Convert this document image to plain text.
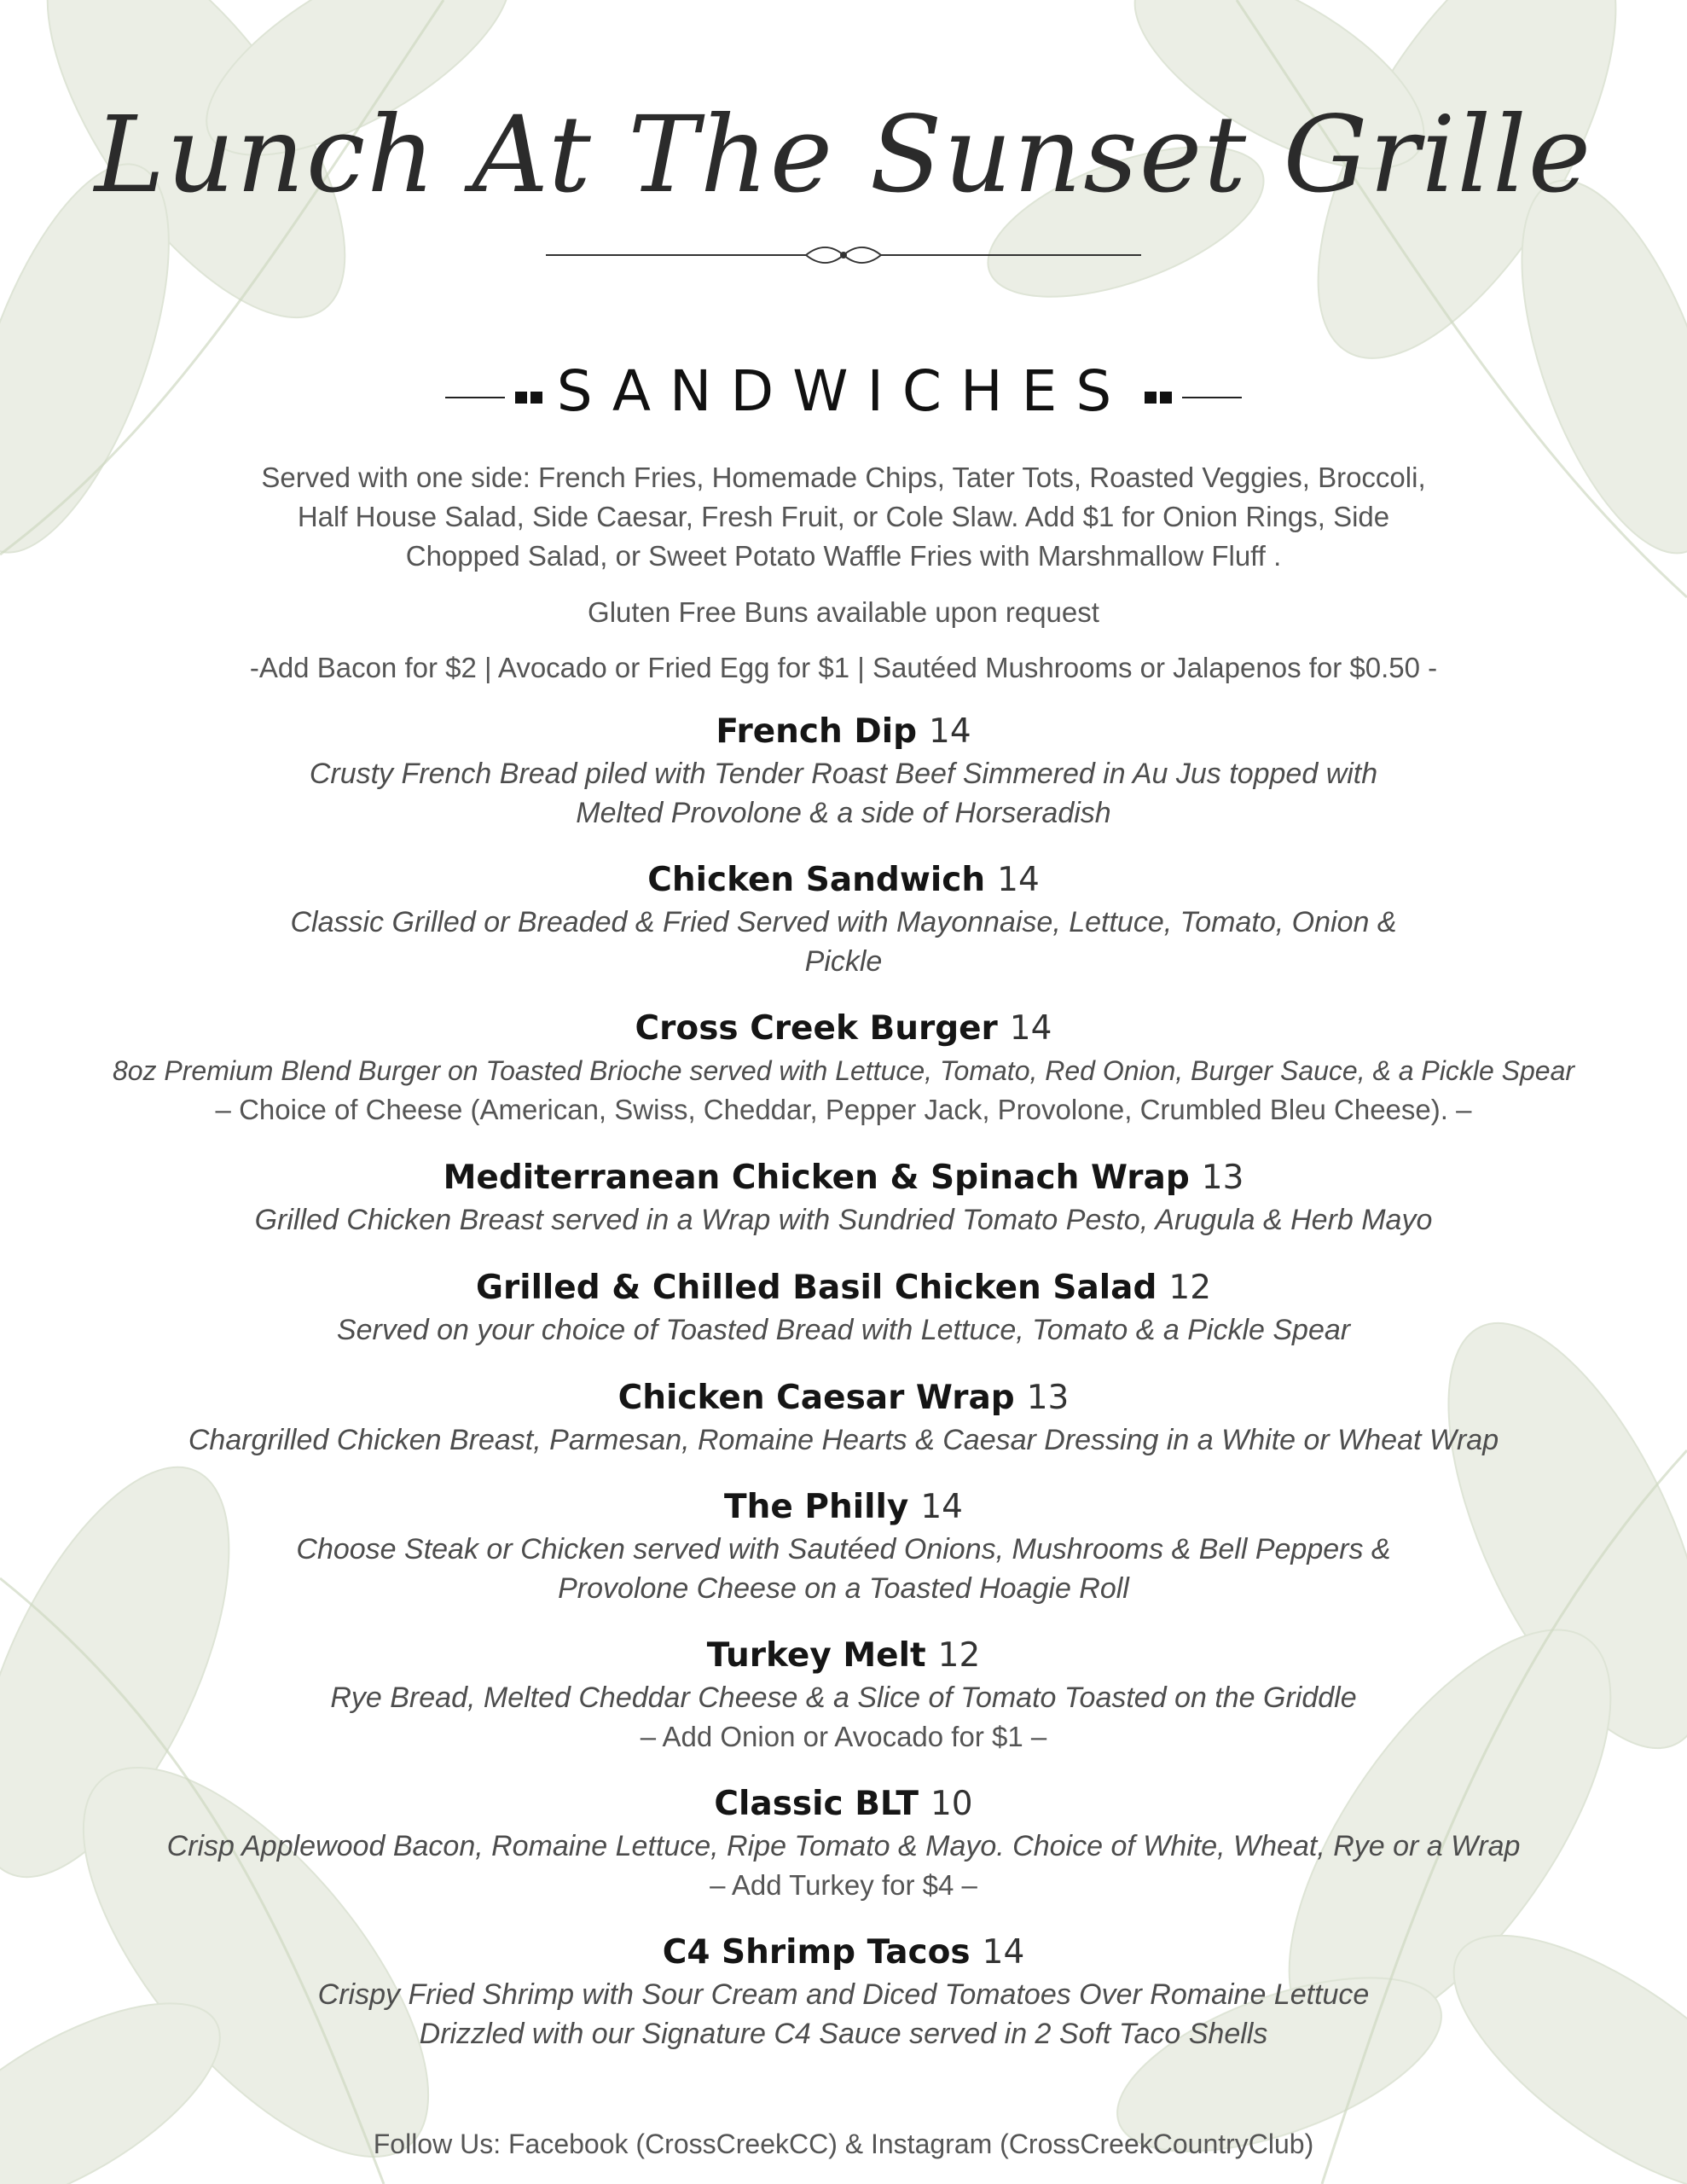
Lunch At The Sunset Grille
SANDWICHES

Served with one side: French Fries, Homemade Chips, Tater Tots, Roasted Veggies, Broccoli, Half House Salad, Side Caesar, Fresh Fruit, or Cole Slaw. Add $1 for Onion Rings, Side Chopped Salad, or Sweet Potato Waffle Fries with Marshmallow Fluff .

Gluten Free Buns available upon request

-Add Bacon for $2 | Avocado or Fried Egg for $1 | Sautéed Mushrooms or Jalapenos for $0.50 -

French Dip 14

Crusty French Bread piled with Tender Roast Beef Simmered in Au Jus topped with Melted Provolone & a side of Horseradish

Chicken Sandwich 14

Classic Grilled or Breaded & Fried Served with Mayonnaise, Lettuce, Tomato, Onion & Pickle

Cross Creek Burger 14

8oz Premium Blend Burger on Toasted Brioche served with Lettuce, Tomato, Red Onion, Burger Sauce, & a Pickle Spear

– Choice of Cheese (American, Swiss, Cheddar, Pepper Jack, Provolone, Crumbled Bleu Cheese). –

Mediterranean Chicken & Spinach Wrap 13

Grilled Chicken Breast served in a Wrap with Sundried Tomato Pesto, Arugula & Herb Mayo

Grilled & Chilled Basil Chicken Salad 12

Served on your choice of Toasted Bread with Lettuce, Tomato & a Pickle Spear

Chicken Caesar Wrap 13

Chargrilled Chicken Breast, Parmesan, Romaine Hearts & Caesar Dressing in a White or Wheat Wrap

The Philly 14

Choose Steak or Chicken served with Sautéed Onions, Mushrooms & Bell Peppers & Provolone Cheese on a Toasted Hoagie Roll

Turkey Melt 12

Rye Bread, Melted Cheddar Cheese & a Slice of Tomato Toasted on the Griddle

– Add Onion or Avocado for $1 –

Classic BLT 10

Crisp Applewood Bacon, Romaine Lettuce, Ripe Tomato & Mayo. Choice of White, Wheat, Rye or a Wrap

– Add Turkey for $4 –

C4 Shrimp Tacos 14

Crispy Fried Shrimp with Sour Cream and Diced Tomatoes Over Romaine Lettuce Drizzled with our Signature C4 Sauce served in 2 Soft Taco Shells

Follow Us: Facebook (CrossCreekCC) & Instagram (CrossCreekCountryClub)
